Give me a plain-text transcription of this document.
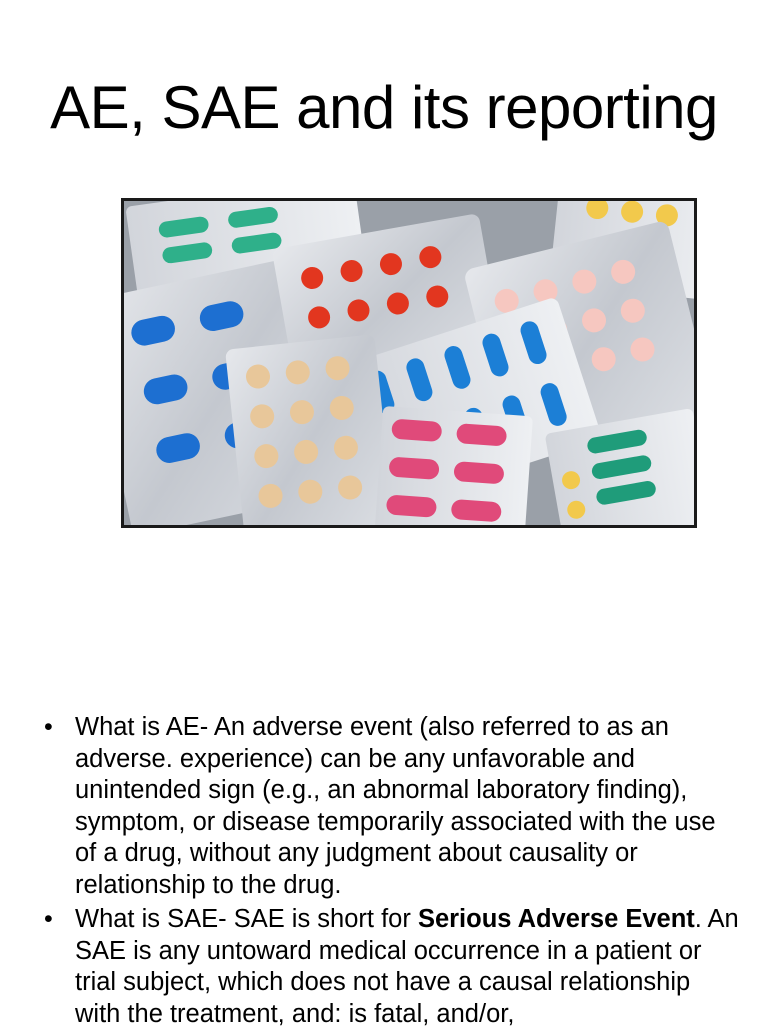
AE, SAE and its reporting
• What is AE- An adverse event (also referred to as an adverse. experience) can be any unfavorable and unintended sign (e.g., an abnormal laboratory finding), symptom, or disease temporarily associated with the use of a drug, without any judgment about causality or relationship to the drug.
• What is SAE- SAE is short for Serious Adverse Event. An SAE is any untoward medical occurrence in a patient or trial subject, which does not have a causal relationship with the treatment, and: is fatal, and/or,
